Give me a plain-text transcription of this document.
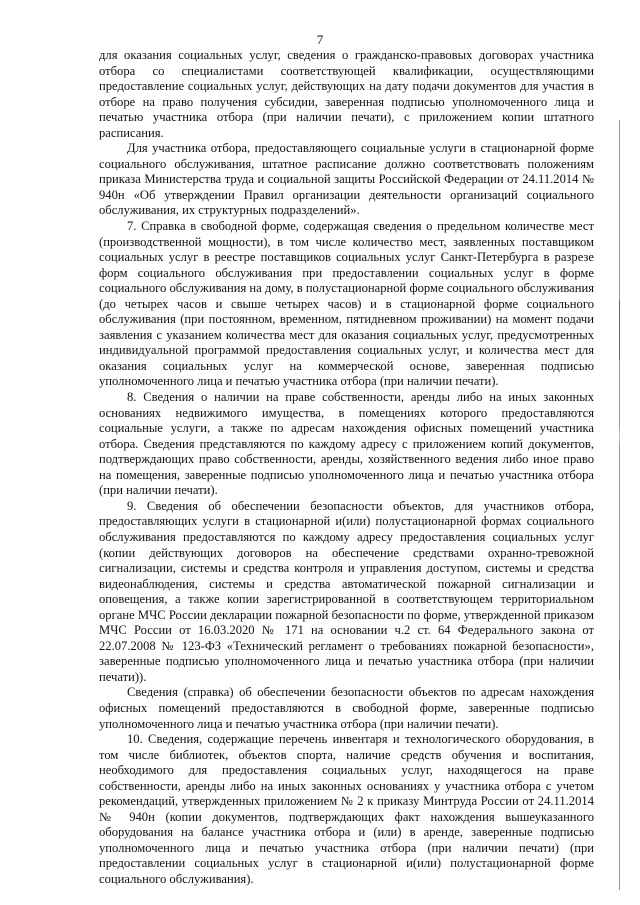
7

для оказания социальных услуг, сведения о гражданско-правовых договорах участника отбора со специалистами соответствующей квалификации, осуществляющими предоставление социальных услуг, действующих на дату подачи документов для участия в отборе на право получения субсидии, заверенная подписью уполномоченного лица и печатью участника отбора (при наличии печати), с приложением копии штатного расписания.

Для участника отбора, предоставляющего социальные услуги в стационарной форме социального обслуживания, штатное расписание должно соответствовать положениям приказа Министерства труда и социальной защиты Российской Федерации от 24.11.2014 № 940н «Об утверждении Правил организации деятельности организаций социального обслуживания, их структурных подразделений».

7. Справка в свободной форме, содержащая сведения о предельном количестве мест (производственной мощности), в том числе количество мест, заявленных поставщиком социальных услуг в реестре поставщиков социальных услуг Санкт-Петербурга в разрезе форм социального обслуживания при предоставлении социальных услуг в форме социального обслуживания на дому, в полустационарной форме социального обслуживания (до четырех часов и свыше четырех часов) и в стационарной форме социального обслуживания (при постоянном, временном, пятидневном проживании) на момент подачи заявления с указанием количества мест для оказания социальных услуг, предусмотренных индивидуальной программой предоставления социальных услуг, и количества мест для оказания социальных услуг на коммерческой основе, заверенная подписью уполномоченного лица и печатью участника отбора (при наличии печати).

8. Сведения о наличии на праве собственности, аренды либо на иных законных основаниях недвижимого имущества, в помещениях которого предоставляются социальные услуги, а также по адресам нахождения офисных помещений участника отбора. Сведения представляются по каждому адресу с приложением копий документов, подтверждающих право собственности, аренды, хозяйственного ведения либо иное право на помещения, заверенные подписью уполномоченного лица и печатью участника отбора (при наличии печати).

9. Сведения об обеспечении безопасности объектов, для участников отбора, предоставляющих услуги в стационарной и(или) полустационарной формах социального обслуживания предоставляются по каждому адресу предоставления социальных услуг (копии действующих договоров на обеспечение средствами охранно-тревожной сигнализации, системы и средства контроля и управления доступом, системы и средства видеонаблюдения, системы и средства автоматической пожарной сигнализации и оповещения, а также копии зарегистрированной в соответствующем территориальном органе МЧС России декларации пожарной безопасности по форме, утвержденной приказом МЧС России от 16.03.2020 № 171 на основании ч.2 ст. 64 Федерального закона от 22.07.2008 № 123-ФЗ «Технический регламент о требованиях пожарной безопасности», заверенные подписью уполномоченного лица и печатью участника отбора (при наличии печати)).

Сведения (справка) об обеспечении безопасности объектов по адресам нахождения офисных помещений предоставляются в свободной форме, заверенные подписью уполномоченного лица и печатью участника отбора (при наличии печати).

10. Сведения, содержащие перечень инвентаря и технологического оборудования, в том числе библиотек, объектов спорта, наличие средств обучения и воспитания, необходимого для предоставления социальных услуг, находящегося на праве собственности, аренды либо на иных законных основаниях у участника отбора с учетом рекомендаций, утвержденных приложением № 2 к приказу Минтруда России от 24.11.2014 № 940н (копии документов, подтверждающих факт нахождения вышеуказанного оборудования на балансе участника отбора и (или) в аренде, заверенные подписью уполномоченного лица и печатью участника отбора (при наличии печати) (при предоставлении социальных услуг в стационарной и(или) полустационарной форме социального обслуживания).
